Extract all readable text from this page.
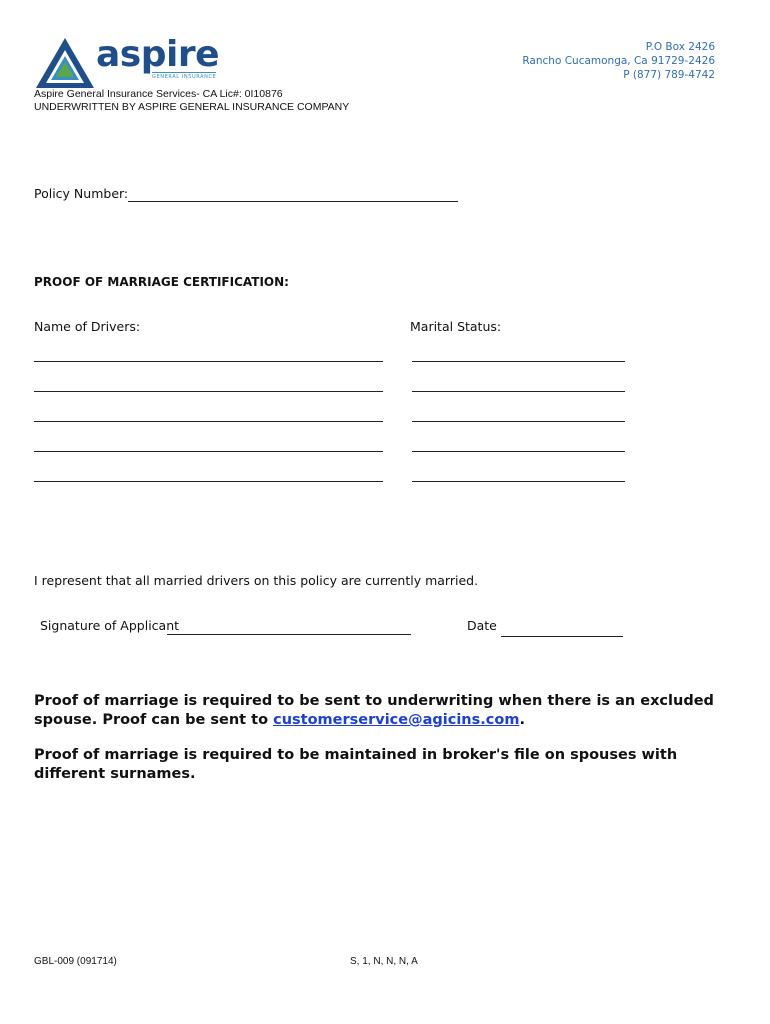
aspire
GENERAL INSURANCE
P.O Box 2426
Rancho Cucamonga, Ca 91729-2426
P (877) 789-4742
Aspire General Insurance Services- CA Lic#: 0I10876
UNDERWRITTEN BY ASPIRE GENERAL INSURANCE COMPANY
Policy Number:
PROOF OF MARRIAGE CERTIFICATION:
Name of Drivers:	Marital Status:
I represent that all married drivers on this policy are currently married.
Signature of Applicant	Date
Proof of marriage is required to be sent to underwriting when there is an excluded spouse. Proof can be sent to customerservice@agicins.com.
Proof of marriage is required to be maintained in broker's file on spouses with different surnames.
GBL-009 (091714)	S, 1, N, N, N, A
